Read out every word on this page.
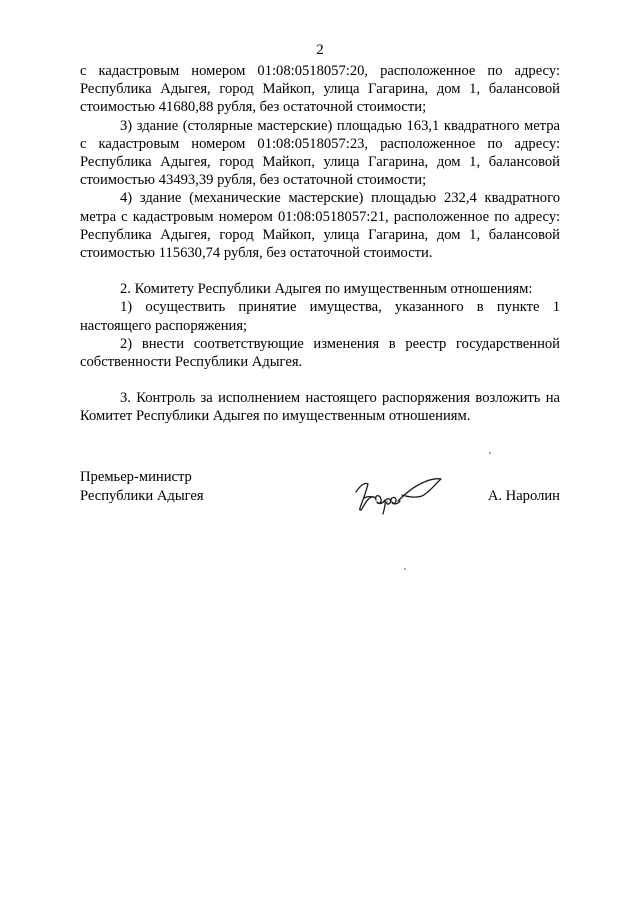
2

с кадастровым номером 01:08:0518057:20, расположенное по адресу: Республика Адыгея, город Майкоп, улица Гагарина, дом 1, балансовой стоимостью 41680,88 рубля, без остаточной стоимости;

3) здание (столярные мастерские) площадью 163,1 квадратного метра с кадастровым номером 01:08:0518057:23, расположенное по адресу: Республика Адыгея, город Майкоп, улица Гагарина, дом 1, балансовой стоимостью 43493,39 рубля, без остаточной стоимости;

4) здание (механические мастерские) площадью 232,4 квадратного метра с кадастровым номером 01:08:0518057:21, расположенное по адресу: Республика Адыгея, город Майкоп, улица Гагарина, дом 1, балансовой стоимостью 115630,74 рубля, без остаточной стоимости.

2. Комитету Республики Адыгея по имущественным отношениям:

1) осуществить принятие имущества, указанного в пункте 1 настоящего распоряжения;

2) внести соответствующие изменения в реестр государственной собственности Республики Адыгея.

3. Контроль за исполнением настоящего распоряжения возложить на Комитет Республики Адыгея по имущественным отношениям.

Премьер-министр
Республики Адыгея	А. Наролин
